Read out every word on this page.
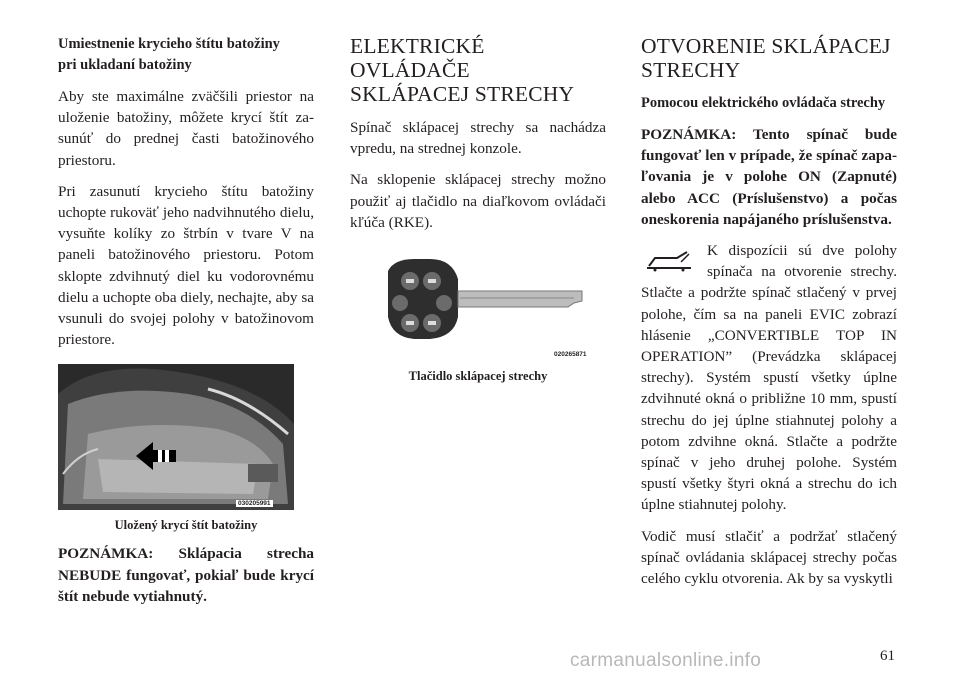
Umiestnenie krycieho štítu batožiny

pri ukladaní batožiny

Aby ste maximálne zväčšili priestor na uloženie batožiny, môžete krycí štít zasunúť do prednej časti batožinového priestoru.

Pri zasunutí krycieho štítu batožiny uchopte rukoväť jeho nadvihnutého dielu, vysuňte kolíky zo štrbín v tvare V na paneli batožinového priestoru. Potom sklopte zdvihnutý diel ku vodorovnému dielu a uchopte oba diely, nechajte, aby sa vsunuli do svojej polohy v batožinovom priestore.

030205991

Uložený krycí štít batožiny

POZNÁMKA: Sklápacia strecha NEBUDE fungovať, pokiaľ bude krycí štít nebude vytiahnutý.

ELEKTRICKÉ OVLÁDAČE

SKLÁPACEJ STRECHY

Spínač sklápacej strechy sa nachádza vpredu, na strednej konzole.

Na sklopenie sklápacej strechy možno použiť aj tlačidlo na diaľkovom ovládači kľúča (RKE).

020265871

Tlačidlo sklápacej strechy

OTVORENIE SKLÁPACEJ

STRECHY

Pomocou elektrického ovládača strechy

POZNÁMKA: Tento spínač bude fungovať len v prípade, že spínač zapaľovania je v polohe ON (Zapnuté) alebo ACC (Príslušenstvo) a počas oneskorenia napájaného príslušenstva.

K dispozícii sú dve polohy spínača na otvorenie strechy. Stlačte a podržte spínač stlačený v prvej polohe, čím sa na paneli EVIC zobrazí hlásenie „CONVERTIBLE TOP IN OPERATION” (Prevádzka sklápacej strechy). Systém spustí všetky úplne zdvihnuté okná o približne 10 mm, spustí strechu do jej úplne stiahnutej polohy a potom zdvihne okná. Stlačte a podržte spínač v jeho druhej polohe. Systém spustí všetky štyri okná a strechu do ich úplne stiahnutej polohy.

Vodič musí stlačiť a podržať stlačený spínač ovládania sklápacej strechy počas celého cyklu otvorenia. Ak by sa vyskytli

61
carmanualsonline.info
